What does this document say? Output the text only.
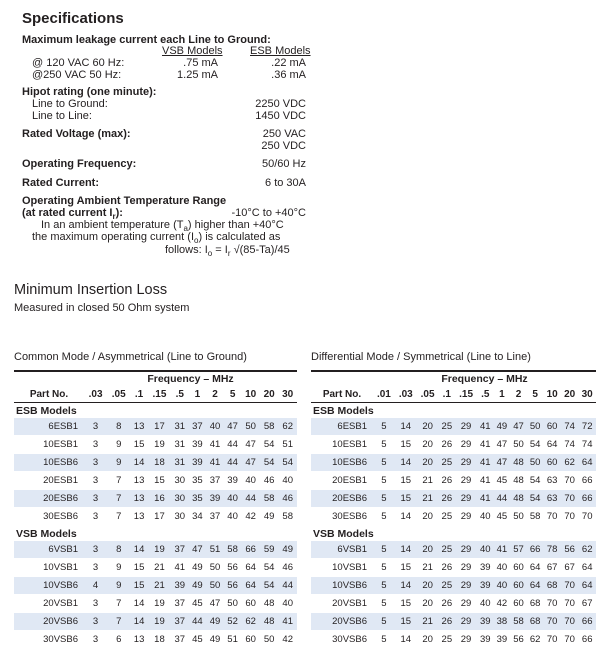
Specifications
Maximum leakage current each Line to Ground:
VSB Models ESB Models
@ 120 VAC 60 Hz:	.75 mA	.22 mA
@250 VAC 50 Hz:	1.25 mA	.36 mA
Hipot rating (one minute):
Line to Ground:	2250 VDC
Line to Line:	1450 VDC
Rated Voltage (max):	250 VAC
250 VDC
Operating Frequency:	50/60 Hz
Rated Current:	6 to 30A
Operating Ambient Temperature Range
(at rated current $I_r$):	-10°C to +40°C
In an ambient temperature $(T_a)$ higher than +40°C
the maximum operating current $(I_o)$ is calculated as
follows: $I_o = I_r$ √(85-Ta)/45
Minimum Insertion Loss
Measured in closed 50 Ohm system
Common Mode / Asymmetrical (Line to Ground)	Differential Mode / Symmetrical (Line to Line)
	Frequency – MHz										
Part No.	.03	.05	.1	.15	.5	1	2	5	10	20	30
ESB Models											
6ESB1	3	8	13	17	31	37	40	47	50	58	62
10ESB1	3	9	15	19	31	39	41	44	47	54	51
10ESB6	3	9	14	18	31	39	41	44	47	54	54
20ESB1	3	7	13	15	30	35	37	39	40	46	40
20ESB6	3	7	13	16	30	35	39	40	44	58	46
30ESB6	3	7	13	17	30	34	37	40	42	49	58
VSB Models											
6VSB1	3	8	14	19	37	47	51	58	66	59	49
10VSB1	3	9	15	21	41	49	50	56	64	54	46
10VSB6	4	9	15	21	39	49	50	56	64	54	44
20VSB1	3	7	14	19	37	45	47	50	60	48	40
20VSB6	3	7	14	19	37	44	49	52	62	48	41
30VSB6	3	6	13	18	37	45	49	51	60	50	42
	Frequency – MHz											
Part No.	.01	.03	.05	.1	.15	.5	1	2	5	10	20	30
ESB Models												
6ESB1	5	14	20	25	29	41	49	47	50	60	74	72
10ESB1	5	15	20	26	29	41	47	50	54	64	74	74
10ESB6	5	14	20	25	29	41	47	48	50	60	62	64
20ESB1	5	15	21	26	29	41	45	48	54	63	70	66
20ESB6	5	15	21	26	29	41	44	48	54	63	70	66
30ESB6	5	14	20	25	29	40	45	50	58	70	70	70
VSB Models												
6VSB1	5	14	20	25	29	40	41	57	66	78	56	62
10VSB1	5	15	21	26	29	39	40	60	64	67	67	64
10VSB6	5	14	20	25	29	39	40	60	64	68	70	64
20VSB1	5	15	20	26	29	40	42	60	68	70	70	67
20VSB6	5	15	21	26	29	39	38	58	68	70	70	66
30VSB6	5	14	20	25	29	39	39	56	62	70	70	66
